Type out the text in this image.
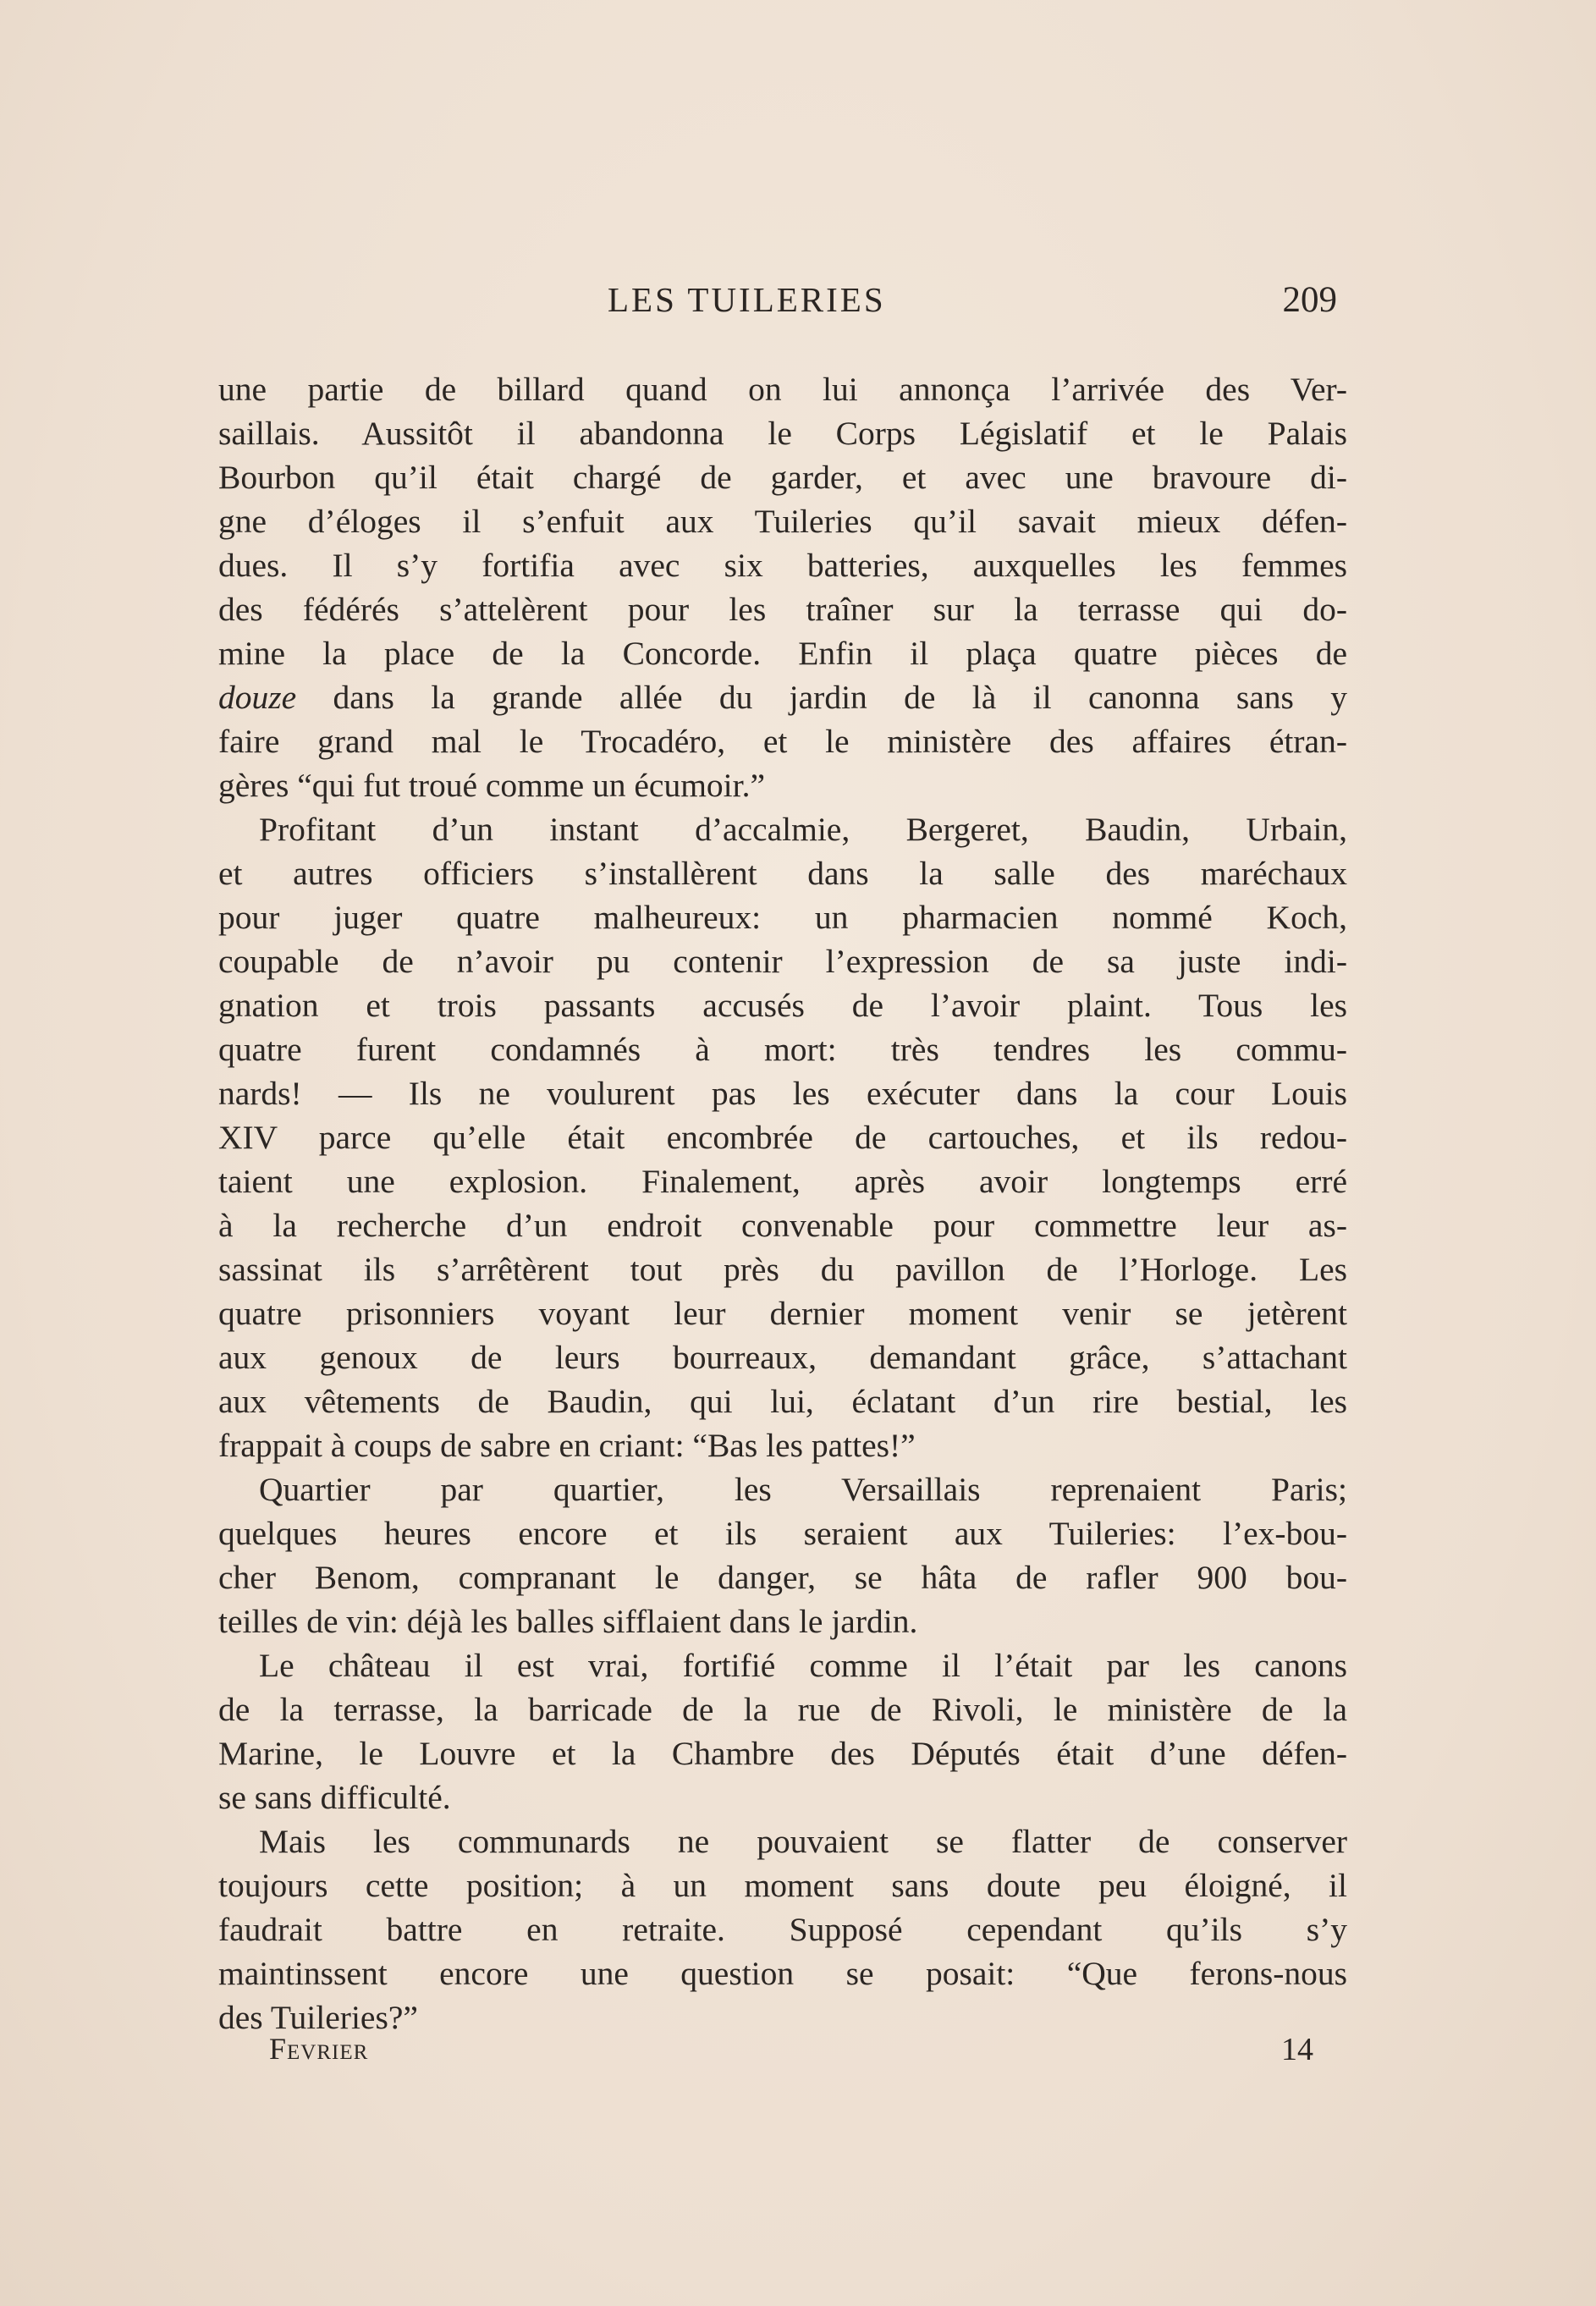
LES TUILERIES	209
une partie de billard quand on lui annonça l’arrivée des Ver-
saillais. Aussitôt il abandonna le Corps Législatif et le Palais
Bourbon qu’il était chargé de garder, et avec une bravoure di-
gne d’éloges il s’enfuit aux Tuileries qu’il savait mieux défen-
dues. Il s’y fortifia avec six batteries, auxquelles les femmes
des fédérés s’attelèrent pour les traîner sur la terrasse qui do-
mine la place de la Concorde. Enfin il plaça quatre pièces de
douze dans la grande allée du jardin de là il canonna sans y
faire grand mal le Trocadéro, et le ministère des affaires étran-
gères “qui fut troué comme un écumoir.”
Profitant d’un instant d’accalmie, Bergeret, Baudin, Urbain,
et autres officiers s’installèrent dans la salle des maréchaux
pour juger quatre malheureux: un pharmacien nommé Koch,
coupable de n’avoir pu contenir l’expression de sa juste indi-
gnation et trois passants accusés de l’avoir plaint. Tous les
quatre furent condamnés à mort: très tendres les commu-
nards! — Ils ne voulurent pas les exécuter dans la cour Louis
XIV parce qu’elle était encombrée de cartouches, et ils redou-
taient une explosion. Finalement, après avoir longtemps erré
à la recherche d’un endroit convenable pour commettre leur as-
sassinat ils s’arrêtèrent tout près du pavillon de l’Horloge. Les
quatre prisonniers voyant leur dernier moment venir se jetèrent
aux genoux de leurs bourreaux, demandant grâce, s’attachant
aux vêtements de Baudin, qui lui, éclatant d’un rire bestial, les
frappait à coups de sabre en criant: “Bas les pattes!”
Quartier par quartier, les Versaillais reprenaient Paris;
quelques heures encore et ils seraient aux Tuileries: l’ex-bou-
cher Benom, compranant le danger, se hâta de rafler 900 bou-
teilles de vin: déjà les balles sifflaient dans le jardin.
Le château il est vrai, fortifié comme il l’était par les canons
de la terrasse, la barricade de la rue de Rivoli, le ministère de la
Marine, le Louvre et la Chambre des Députés était d’une défen-
se sans difficulté.
Mais les communards ne pouvaient se flatter de conserver
toujours cette position; à un moment sans doute peu éloigné, il
faudrait battre en retraite. Supposé cependant qu’ils s’y
maintinssent encore une question se posait: “Que ferons-nous
des Tuileries?”
Fevrier	14
